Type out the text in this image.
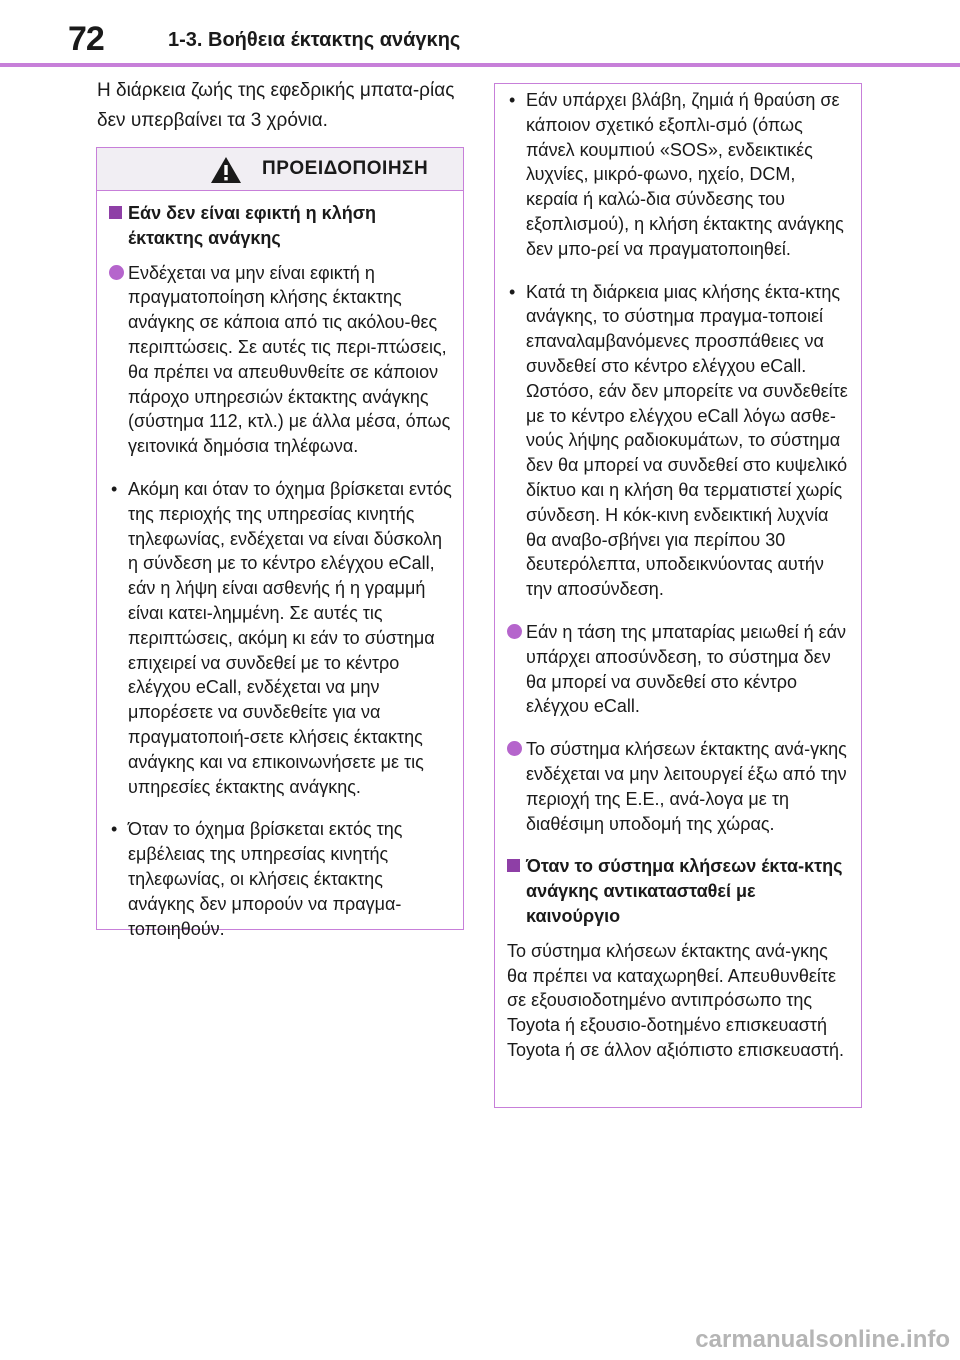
72	1-3. Βοήθεια έκτακτης ανάγκης
Η διάρκεια ζωής της εφεδρικής μπατα-ρίας δεν υπερβαίνει τα 3 χρόνια.
ΠΡΟΕΙΔΟΠΟΙΗΣΗ
Εάν δεν είναι εφικτή η κλήση έκτακτης ανάγκης
Ενδέχεται να μην είναι εφικτή η πραγματοποίηση κλήσης έκτακτης ανάγκης σε κάποια από τις ακόλου-θες περιπτώσεις. Σε αυτές τις περι-πτώσεις, θα πρέπει να απευθυνθείτε σε κάποιον πάροχο υπηρεσιών έκτακτης ανάγκης (σύστημα 112, κτλ.) με άλλα μέσα, όπως γειτονικά δημόσια τηλέφωνα.
• Ακόμη και όταν το όχημα βρίσκεται εντός της περιοχής της υπηρεσίας κινητής τηλεφωνίας, ενδέχεται να είναι δύσκολη η σύνδεση με το κέντρο ελέγχου eCall, εάν η λήψη είναι ασθενής ή η γραμμή είναι κατει-λημμένη. Σε αυτές τις περιπτώσεις, ακόμη κι εάν το σύστημα επιχειρεί να συνδεθεί με το κέντρο ελέγχου eCall, ενδέχεται να μην μπορέσετε να συνδεθείτε για να πραγματοποιή-σετε κλήσεις έκτακτης ανάγκης και να επικοινωνήσετε με τις υπηρεσίες έκτακτης ανάγκης.
• Όταν το όχημα βρίσκεται εκτός της εμβέλειας της υπηρεσίας κινητής τηλεφωνίας, οι κλήσεις έκτακτης ανάγκης δεν μπορούν να πραγμα-τοποιηθούν.
• Εάν υπάρχει βλάβη, ζημιά ή θραύση σε κάποιον σχετικό εξοπλι-σμό (όπως πάνελ κουμπιού «SOS», ενδεικτικές λυχνίες, μικρό-φωνο, ηχείο, DCM, κεραία ή καλώ-δια σύνδεσης του εξοπλισμού), η κλήση έκτακτης ανάγκης δεν μπο-ρεί να πραγματοποιηθεί.
• Κατά τη διάρκεια μιας κλήσης έκτα-κτης ανάγκης, το σύστημα πραγμα-τοποιεί επαναλαμβανόμενες προσπάθειες να συνδεθεί στο κέντρο ελέγχου eCall. Ωστόσο, εάν δεν μπορείτε να συνδεθείτε με το κέντρο ελέγχου eCall λόγω ασθε-νούς λήψης ραδιοκυμάτων, το σύστημα δεν θα μπορεί να συνδεθεί στο κυψελικό δίκτυο και η κλήση θα τερματιστεί χωρίς σύνδεση. Η κόκ-κινη ενδεικτική λυχνία θα αναβο-σβήνει για περίπου 30 δευτερόλεπτα, υποδεικνύοντας αυτήν την αποσύνδεση.
Εάν η τάση της μπαταρίας μειωθεί ή εάν υπάρχει αποσύνδεση, το σύστημα δεν θα μπορεί να συνδεθεί στο κέντρο ελέγχου eCall.
Το σύστημα κλήσεων έκτακτης ανά-γκης ενδέχεται να μην λειτουργεί έξω από την περιοχή της Ε.Ε., ανά-λογα με τη διαθέσιμη υποδομή της χώρας.
Όταν το σύστημα κλήσεων έκτα-κτης ανάγκης αντικατασταθεί με καινούργιο
Το σύστημα κλήσεων έκτακτης ανά-γκης θα πρέπει να καταχωρηθεί. Απευθυνθείτε σε εξουσιοδοτημένο αντιπρόσωπο της Toyota ή εξουσιο-δοτημένο επισκευαστή Toyota ή σε άλλον αξιόπιστο επισκευαστή.
carmanualsonline.info
